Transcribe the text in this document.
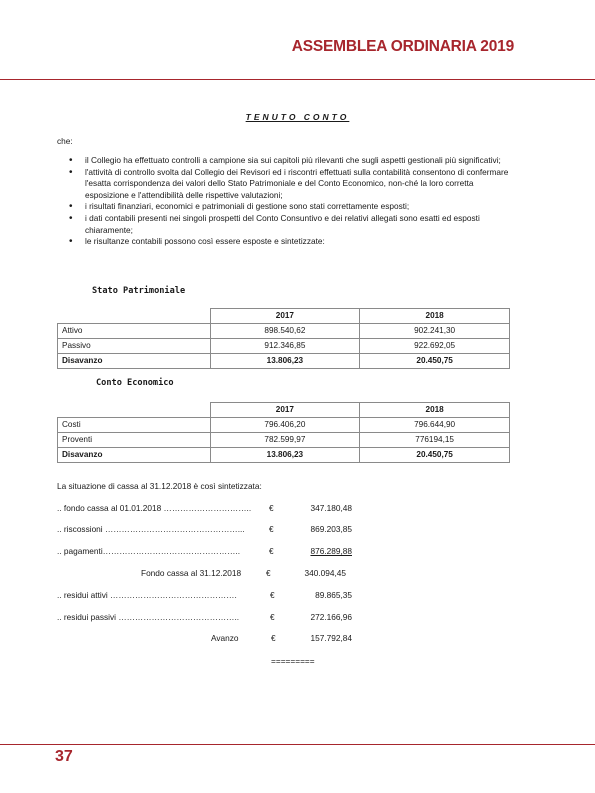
ASSEMBLEA ORDINARIA 2019
TENUTO CONTO
che:
• il Collegio ha effettuato controlli a campione sia sui capitoli più rilevanti che sugli aspetti gestionali più significativi;
• l'attività di controllo svolta dal Collegio dei Revisori ed i riscontri effettuati sulla contabilità consentono di confermare l'esatta corrispondenza dei valori dello Stato Patrimoniale e del Conto Economico, non-ché la loro corretta esposizione e l'attendibilità delle rispettive valutazioni;
• i risultati finanziari, economici e patrimoniali di gestione sono stati correttamente esposti;
• i dati contabili presenti nei singoli prospetti del Conto Consuntivo e dei relativi allegati sono esatti ed esposti chiaramente;
• le risultanze contabili possono così essere esposte e sintetizzate:
Stato Patrimoniale
	2017	2018
Attivo	898.540,62	902.241,30
Passivo	912.346,85	922.692,05
Disavanzo	13.806,23	20.450,75
Conto Economico
	2017	2018
Costi	796.406,20	796.644,90
Proventi	782.599,97	776194,15
Disavanzo	13.806,23	20.450,75
La situazione di cassa al 31.12.2018 è così sintetizzata:
.. fondo cassa al 01.01.2018 ………………………….. €	347.180,48
.. riscossioni …………………………………………...	€	869.203,85
.. pagamenti…………………………………………..	€	876.289,88
Fondo cassa al 31.12.2018	€	340.094,45
.. residui attivi ……………………………………….	€	89.865,35
.. residui passivi ……………………………………..	€	272.166,96
Avanzo	€	157.792,84
=========
37
